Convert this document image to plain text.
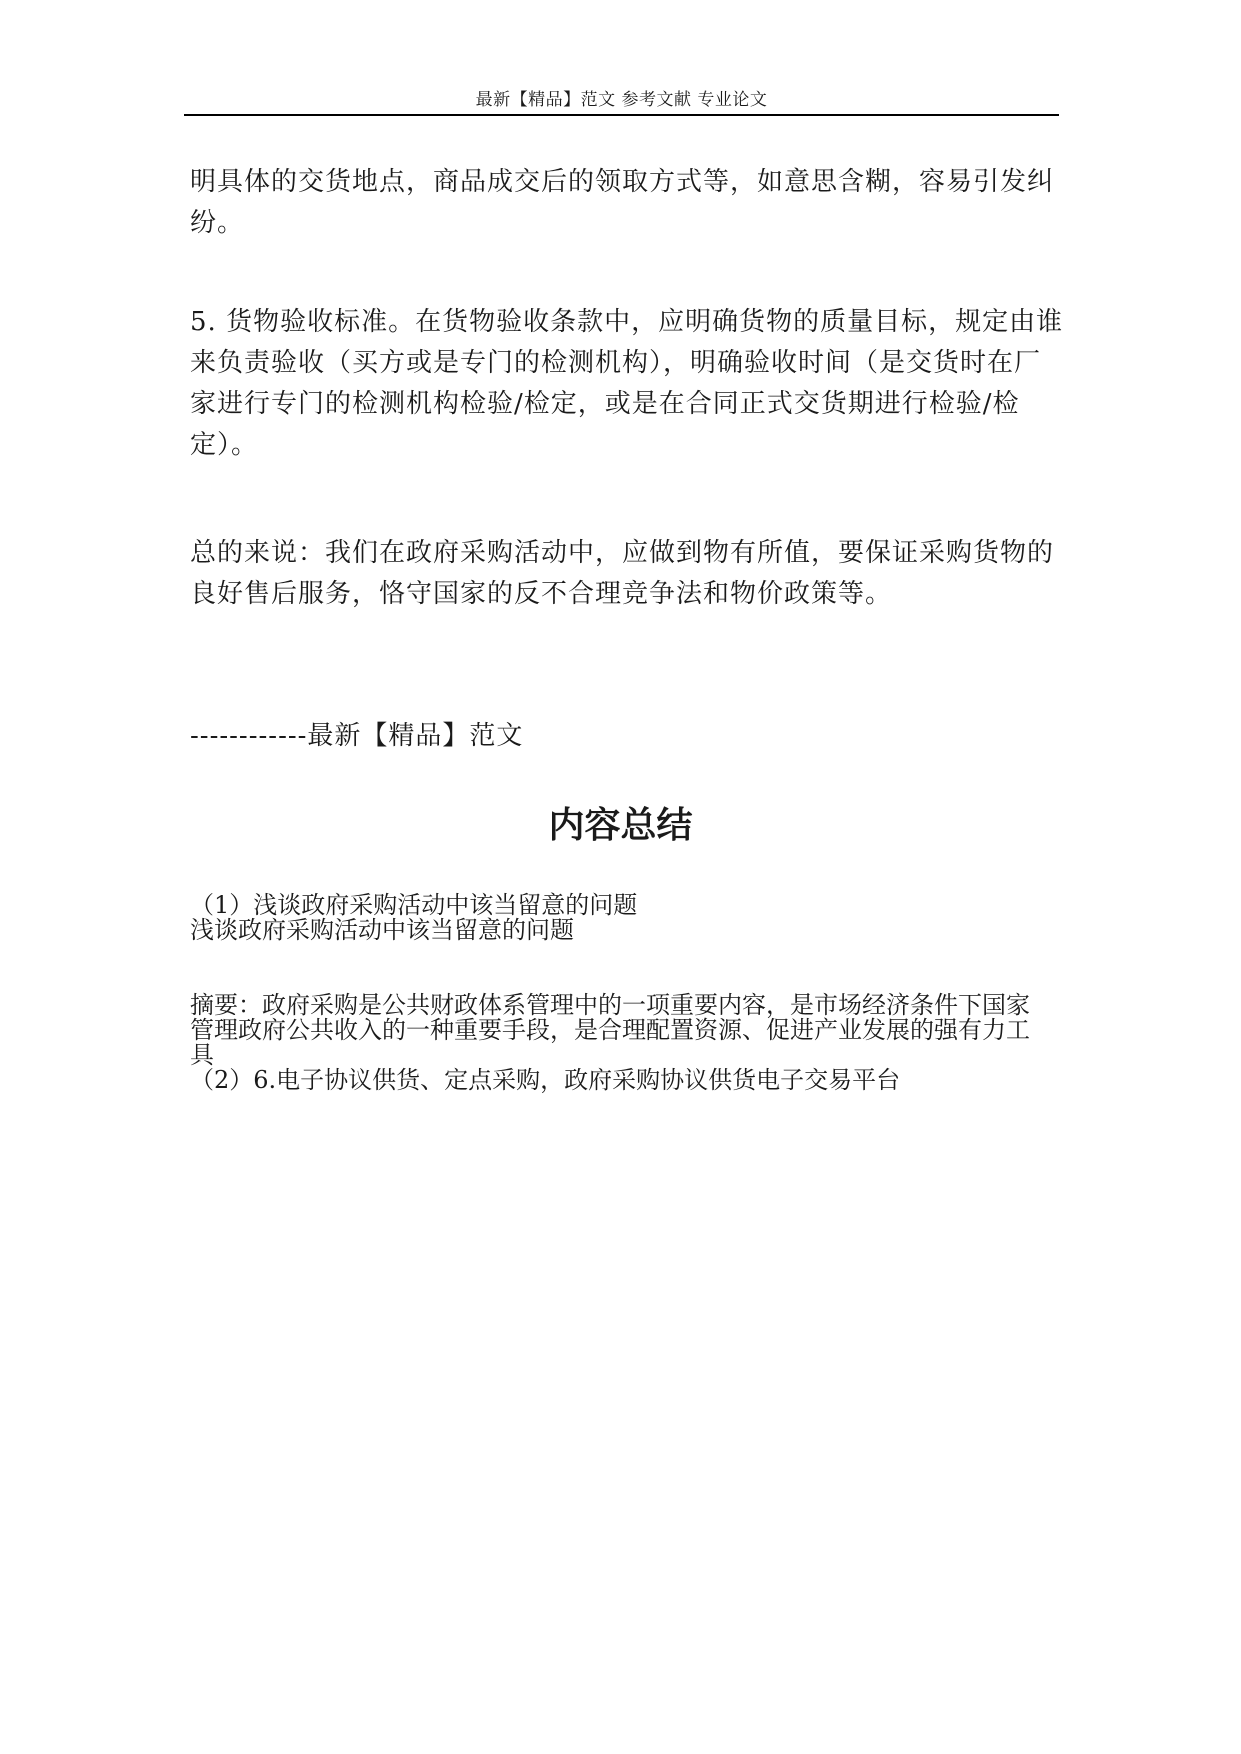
最新【精品】范文 参考文献 专业论文

明具体的交货地点，商品成交后的领取方式等，如意思含糊，容易引发纠纷。

5. 货物验收标准。在货物验收条款中，应明确货物的质量目标，规定由谁来负责验收（买方或是专门的检测机构），明确验收时间（是交货时在厂家进行专门的检测机构检验/检定，或是在合同正式交货期进行检验/检定）。

总的来说：我们在政府采购活动中，应做到物有所值，要保证采购货物的良好售后服务，恪守国家的反不合理竞争法和物价政策等。

------------最新【精品】范文

内容总结

（1）浅谈政府采购活动中该当留意的问题

浅谈政府采购活动中该当留意的问题

摘要：政府采购是公共财政体系管理中的一项重要内容，是市场经济条件下国家管理政府公共收入的一种重要手段，是合理配置资源、促进产业发展的强有力工具

（2）6.电子协议供货、定点采购，政府采购协议供货电子交易平台
